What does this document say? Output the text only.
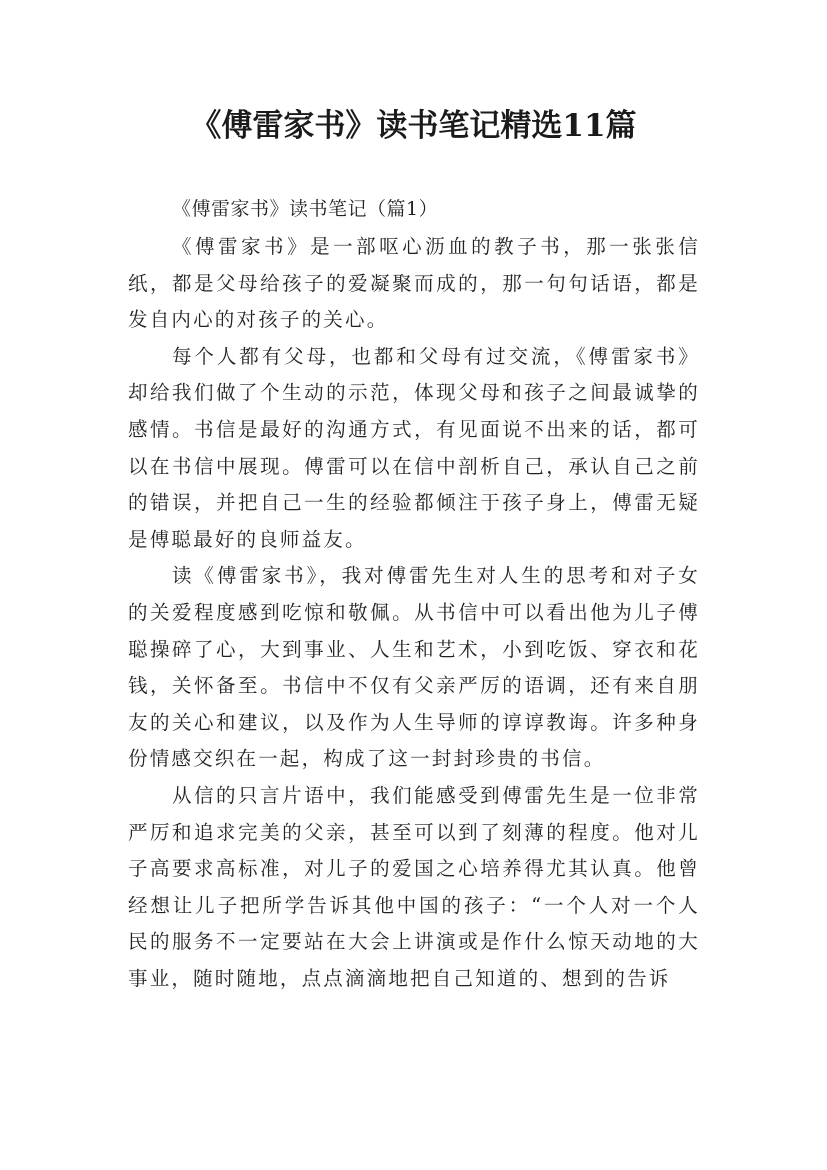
《傅雷家书》读书笔记精选11篇

《傅雷家书》读书笔记（篇1）

《傅雷家书》是一部呕心沥血的教子书，那一张张信纸，都是父母给孩子的爱凝聚而成的，那一句句话语，都是发自内心的对孩子的关心。

每个人都有父母，也都和父母有过交流，《傅雷家书》却给我们做了个生动的示范，体现父母和孩子之间最诚挚的感情。书信是最好的沟通方式，有见面说不出来的话，都可以在书信中展现。傅雷可以在信中剖析自己，承认自己之前的错误，并把自己一生的经验都倾注于孩子身上，傅雷无疑是傅聪最好的良师益友。

读《傅雷家书》，我对傅雷先生对人生的思考和对子女的关爱程度感到吃惊和敬佩。从书信中可以看出他为儿子傅聪操碎了心，大到事业、人生和艺术，小到吃饭、穿衣和花钱，关怀备至。书信中不仅有父亲严厉的语调，还有来自朋友的关心和建议，以及作为人生导师的谆谆教诲。许多种身份情感交织在一起，构成了这一封封珍贵的书信。

从信的只言片语中，我们能感受到傅雷先生是一位非常严厉和追求完美的父亲，甚至可以到了刻薄的程度。他对儿子高要求高标准，对儿子的爱国之心培养得尤其认真。他曾经想让儿子把所学告诉其他中国的孩子：“一个人对一个人民的服务不一定要站在大会上讲演或是作什么惊天动地的大事业，随时随地，点点滴滴地把自己知道的、想到的告诉
